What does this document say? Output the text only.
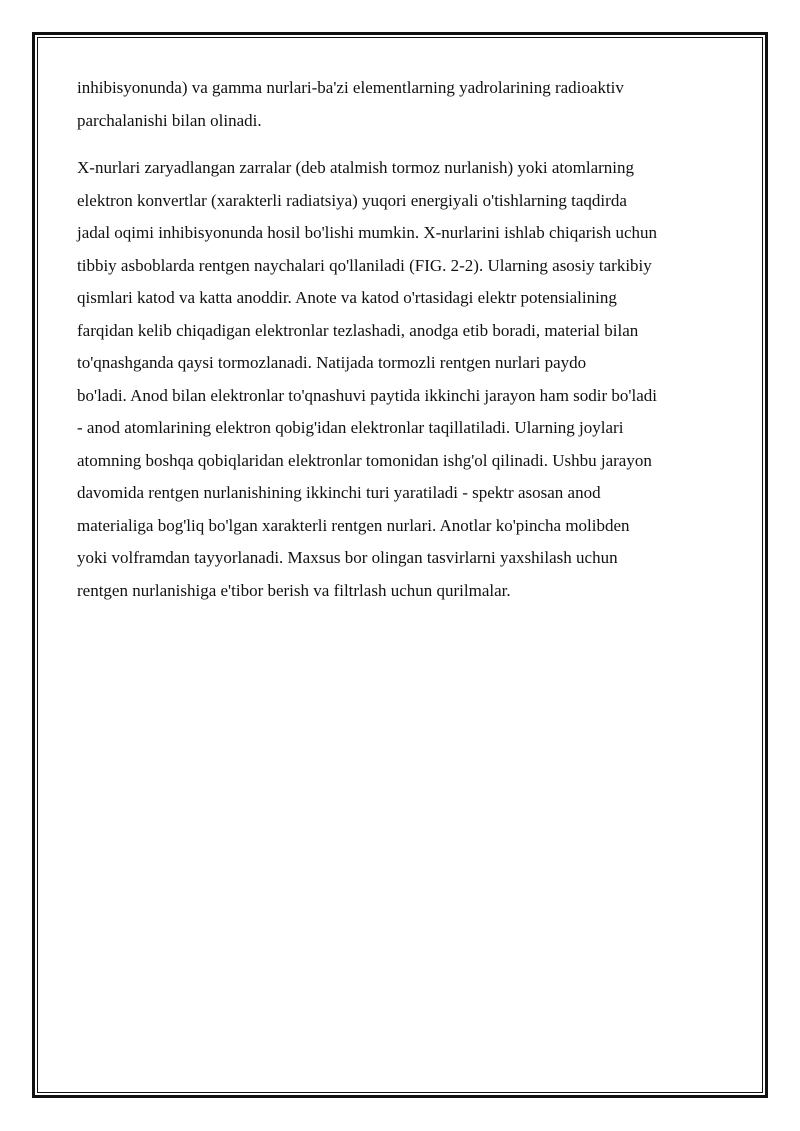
inhibisyonunda) va gamma nurlari-ba'zi elementlarning yadrolarining radioaktiv
parchalanishi bilan olinadi.

X-nurlari zaryadlangan zarralar (deb atalmish tormoz nurlanish) yoki atomlarning
elektron konvertlar (xarakterli radiatsiya) yuqori energiyali o'tishlarning taqdirda
jadal oqimi inhibisyonunda hosil bo'lishi mumkin. X-nurlarini ishlab chiqarish uchun
tibbiy asboblarda rentgen naychalari qo'llaniladi (FIG. 2-2). Ularning asosiy tarkibiy
qismlari katod va katta anoddir. Anote va katod o'rtasidagi elektr potensialining
farqidan kelib chiqadigan elektronlar tezlashadi, anodga etib boradi, material bilan
to'qnashganda qaysi tormozlanadi. Natijada tormozli rentgen nurlari paydo
bo'ladi. Anod bilan elektronlar to'qnashuvi paytida ikkinchi jarayon ham sodir bo'ladi
- anod atomlarining elektron qobig'idan elektronlar taqillatiladi. Ularning joylari
atomning boshqa qobiqlaridan elektronlar tomonidan ishg'ol qilinadi. Ushbu jarayon
davomida rentgen nurlanishining ikkinchi turi yaratiladi - spektr asosan anod
materialiga bog'liq bo'lgan xarakterli rentgen nurlari. Anotlar ko'pincha molibden
yoki volframdan tayyorlanadi. Maxsus bor olingan tasvirlarni yaxshilash uchun
rentgen nurlanishiga e'tibor berish va filtrlash uchun qurilmalar.
